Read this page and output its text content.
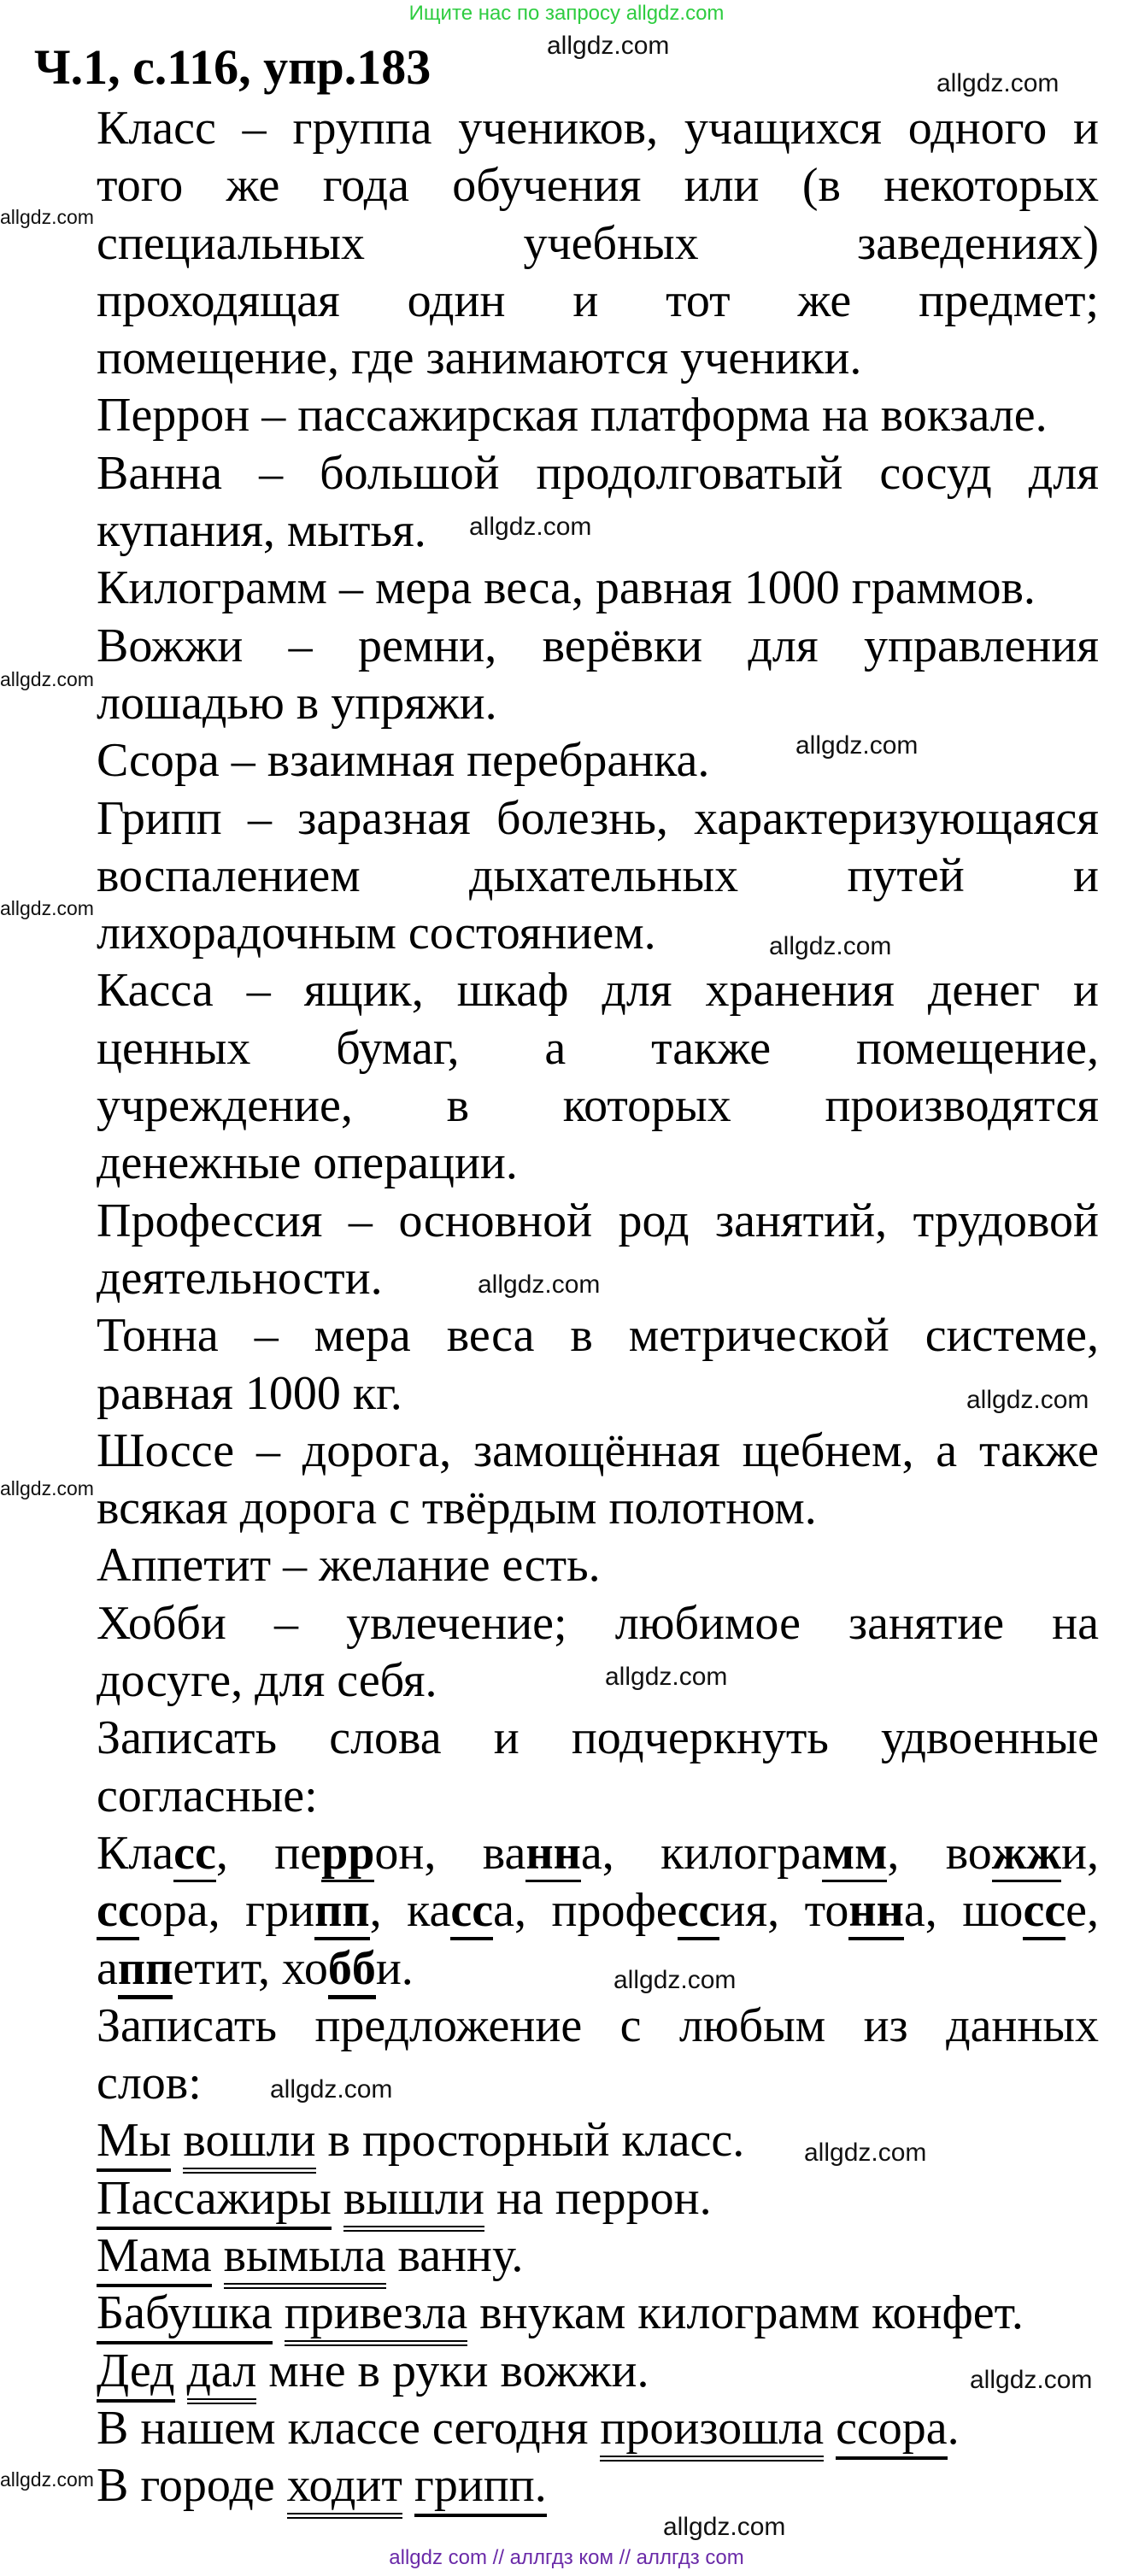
Ищите нас по запросу allgdz.com
Ч.1, с.116, упр.183
Класс – группа учеников, учащихся одного и
того же года обучения или (в некоторых
специальных учебных заведениях)
проходящая один и тот же предмет;
помещение, где занимаются ученики.
Перрон – пассажирская платформа на вокзале.
Ванна – большой продолговатый сосуд для
купания, мытья.
Килограмм – мера веса, равная 1000 граммов.
Вожжи – ремни, верёвки для управления
лошадью в упряжи.
Ссора – взаимная перебранка.
Грипп – заразная болезнь, характеризующаяся
воспалением дыхательных путей и
лихорадочным состоянием.
Касса – ящик, шкаф для хранения денег и
ценных бумаг, а также помещение,
учреждение, в которых производятся
денежные операции.
Профессия – основной род занятий, трудовой
деятельности.
Тонна – мера веса в метрической системе,
равная 1000 кг.
Шоссе – дорога, замощённая щебнем, а также
всякая дорога с твёрдым полотном.
Аппетит – желание есть.
Хобби – увлечение; любимое занятие на
досуге, для себя.
Записать слова и подчеркнуть удвоенные
согласные:
Класс, перрон, ванна, килограмм, вожжи,
ссора, грипп, касса, профессия, тонна, шоссе,
аппетит, хобби.
Записать предложение с любым из данных
слов:
Мы вошли в просторный класс.
Пассажиры вышли на перрон.
Мама вымыла ванну.
Бабушка привезла внукам килограмм конфет.
Дед дал мне в руки вожжи.
В нашем классе сегодня произошла ссора.
В городе ходит грипп.
allgdz.com
allgdz.com
allgdz.com
allgdz.com
allgdz.com
allgdz.com
allgdz.com
allgdz.com
allgdz.com
allgdz.com
allgdz.com
allgdz.com
allgdz.com
allgdz.com
allgdz.com
allgdz.com
allgdz.com
allgdz.com
allgdz com // аллгдз ком // аллгдз com
